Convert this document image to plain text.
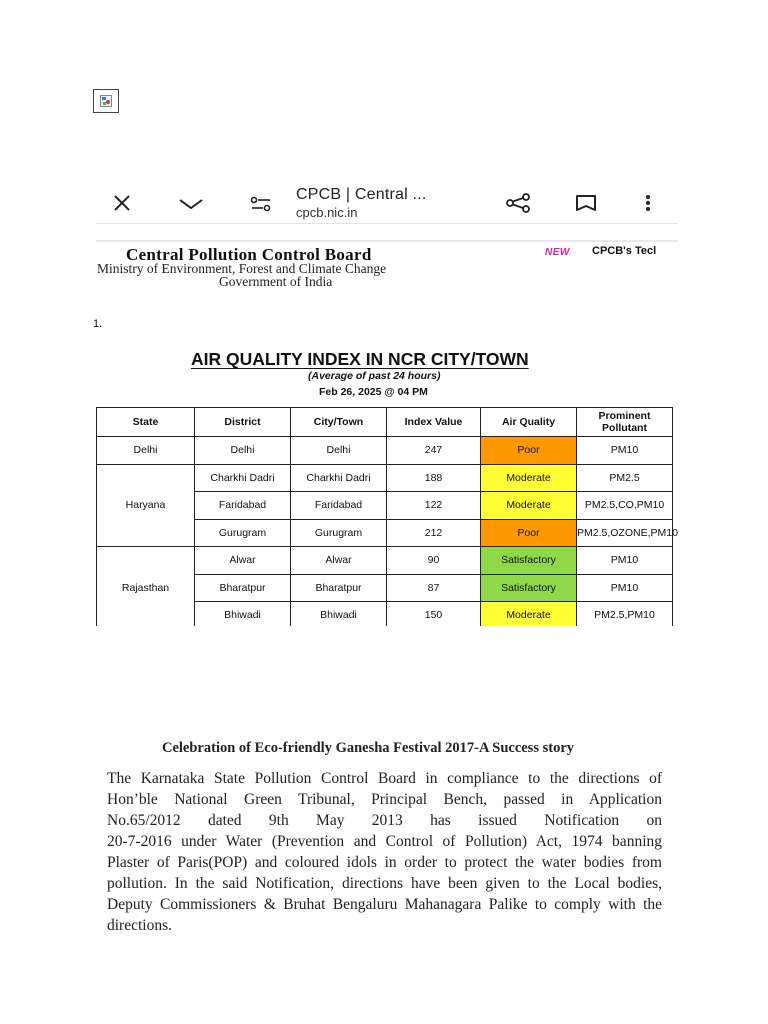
CPCB | Central ...
cpcb.nic.in
Central Pollution Control Board
Ministry of Environment, Forest and Climate Change
Government of India
NEW CPCB's Tecl
1.
AIR QUALITY INDEX IN NCR CITY/TOWN
(Average of past 24 hours)
Feb 26, 2025 @ 04 PM
State	District	City/Town	Index Value	Air Quality	Prominent Pollutant
Delhi	Delhi	Delhi	247	Poor	PM10
Haryana	Charkhi Dadri	Charkhi Dadri	188	Moderate	PM2.5
	Faridabad	Faridabad	122	Moderate	PM2.5,CO,PM10
	Gurugram	Gurugram	212	Poor	PM2.5,OZONE,PM10
Rajasthan	Alwar	Alwar	90	Satisfactory	PM10
	Bharatpur	Bharatpur	87	Satisfactory	PM10
	Bhiwadi	Bhiwadi	150	Moderate	PM2.5,PM10
Celebration of Eco-friendly Ganesha Festival 2017-A Success story
The Karnataka State Pollution Control Board in compliance to the directions of
Hon’ble National Green Tribunal, Principal Bench, passed in Application
No.65/2012 dated 9th May 2013 has issued Notification on
20-7-2016 under Water (Prevention and Control of Pollution) Act, 1974 banning
Plaster of Paris(POP) and coloured idols in order to protect the water bodies from
pollution. In the said Notification, directions have been given to the Local bodies,
Deputy Commissioners & Bruhat Bengaluru Mahanagara Palike to comply with the
directions.
